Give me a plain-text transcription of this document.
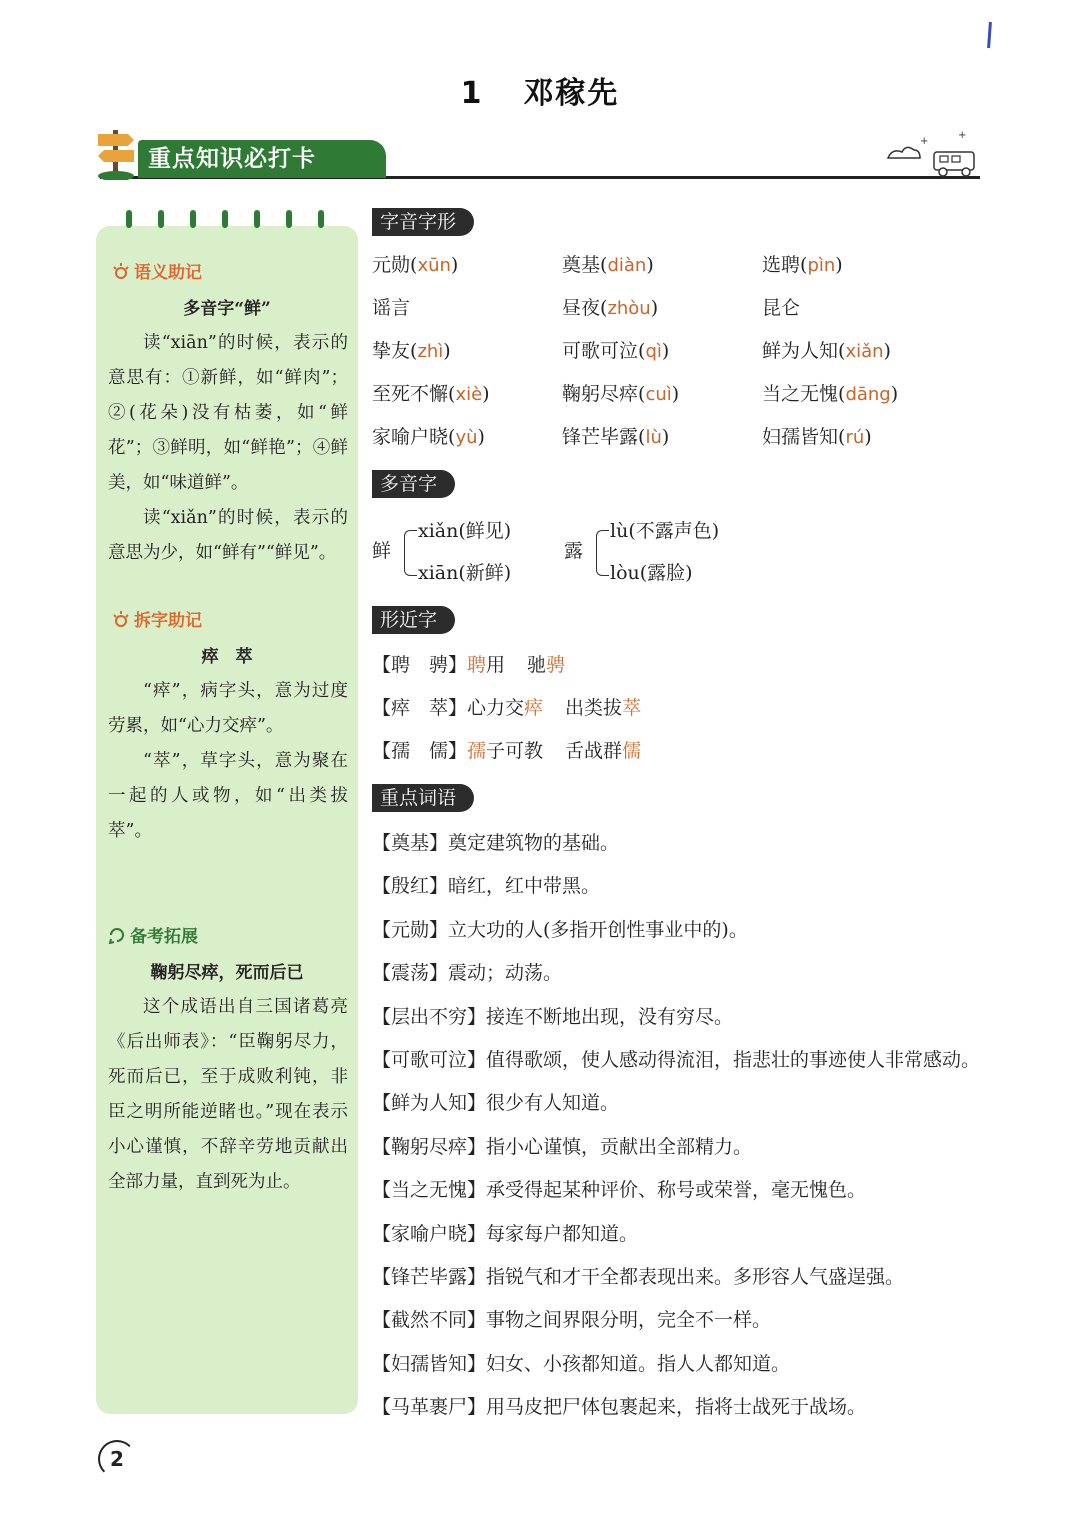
1 邓稼先
重点知识必打卡
+
+
语义助记
多音字“鲜”

读“xiān”的时候，表示的意思有：①新鲜，如“鲜肉”；②(花朵)没有枯萎，如“鲜花”；③鲜明，如“鲜艳”；④鲜美，如“味道鲜”。

读“xiǎn”的时候，表示的意思为少，如“鲜有”“鲜见”。

拆字助记
瘁　萃

“瘁”，病字头，意为过度劳累，如“心力交瘁”。

“萃”，草字头，意为聚在一起的人或物，如“出类拔萃”。

备考拓展
鞠躬尽瘁，死而后已

这个成语出自三国诸葛亮《后出师表》：“臣鞠躬尽力，死而后已，至于成败利钝，非臣之明所能逆睹也。”现在表示小心谨慎，不辞辛劳地贡献出全部力量，直到死为止。

字音字形
元勋(xūn)	奠基(diàn)	选聘(pìn)
谣言	昼夜(zhòu)	昆仑
挚友(zhì)	可歌可泣(qì)	鲜为人知(xiǎn)
至死不懈(xiè)	鞠躬尽瘁(cuì)	当之无愧(dāng)
家喻户晓(yù)	锋芒毕露(lù)	妇孺皆知(rú)
多音字
鲜
xiǎn(鲜见)
xiān(新鲜)
露
lù(不露声色)
lòu(露脸)
形近字
【聘　骋】聘用 驰骋
【瘁　萃】心力交瘁 出类拔萃
【孺　儒】孺子可教 舌战群儒
重点词语
【奠基】奠定建筑物的基础。
【殷红】暗红，红中带黑。
【元勋】立大功的人(多指开创性事业中的)。
【震荡】震动；动荡。
【层出不穷】接连不断地出现，没有穷尽。
【可歌可泣】值得歌颂，使人感动得流泪，指悲壮的事迹使人非常感动。
【鲜为人知】很少有人知道。
【鞠躬尽瘁】指小心谨慎，贡献出全部精力。
【当之无愧】承受得起某种评价、称号或荣誉，毫无愧色。
【家喻户晓】每家每户都知道。
【锋芒毕露】指锐气和才干全都表现出来。多形容人气盛逞强。
【截然不同】事物之间界限分明，完全不一样。
【妇孺皆知】妇女、小孩都知道。指人人都知道。
【马革裹尸】用马皮把尸体包裹起来，指将士战死于战场。
2
